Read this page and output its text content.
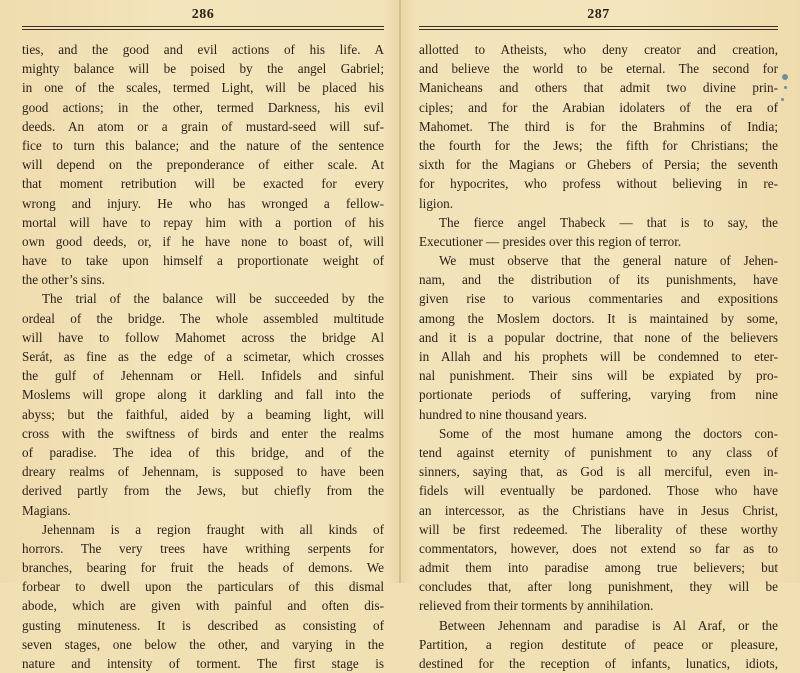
286
ties, and the good and evil actions of his life. A
mighty balance will be poised by the angel Gabriel;
in one of the scales, termed Light, will be placed his
good actions; in the other, termed Darkness, his evil
deeds. An atom or a grain of mustard-seed will suf-
fice to turn this balance; and the nature of the sentence
will depend on the preponderance of either scale. At
that moment retribution will be exacted for every
wrong and injury. He who has wronged a fellow-
mortal will have to repay him with a portion of his
own good deeds, or, if he have none to boast of, will
have to take upon himself a proportionate weight of
the other’s sins.
The trial of the balance will be succeeded by the
ordeal of the bridge. The whole assembled multitude
will have to follow Mahomet across the bridge Al
Serát, as fine as the edge of a scimetar, which crosses
the gulf of Jehennam or Hell. Infidels and sinful
Moslems will grope along it darkling and fall into the
abyss; but the faithful, aided by a beaming light, will
cross with the swiftness of birds and enter the realms
of paradise. The idea of this bridge, and of the
dreary realms of Jehennam, is supposed to have been
derived partly from the Jews, but chiefly from the
Magians.
Jehennam is a region fraught with all kinds of
horrors. The very trees have writhing serpents for
branches, bearing for fruit the heads of demons. We
forbear to dwell upon the particulars of this dismal
abode, which are given with painful and often dis-
gusting minuteness. It is described as consisting of
seven stages, one below the other, and varying in the
nature and intensity of torment. The first stage is
287
allotted to Atheists, who deny creator and creation,
and believe the world to be eternal. The second for
Manicheans and others that admit two divine prin-
ciples; and for the Arabian idolaters of the era of
Mahomet. The third is for the Brahmins of India;
the fourth for the Jews; the fifth for Christians; the
sixth for the Magians or Ghebers of Persia; the seventh
for hypocrites, who profess without believing in re-
ligion.
The fierce angel Thabeck — that is to say, the
Executioner — presides over this region of terror.
We must observe that the general nature of Jehen-
nam, and the distribution of its punishments, have
given rise to various commentaries and expositions
among the Moslem doctors. It is maintained by some,
and it is a popular doctrine, that none of the believers
in Allah and his prophets will be condemned to eter-
nal punishment. Their sins will be expiated by pro-
portionate periods of suffering, varying from nine
hundred to nine thousand years.
Some of the most humane among the doctors con-
tend against eternity of punishment to any class of
sinners, saying that, as God is all merciful, even in-
fidels will eventually be pardoned. Those who have
an intercessor, as the Christians have in Jesus Christ,
will be first redeemed. The liberality of these worthy
commentators, however, does not extend so far as to
admit them into paradise among true believers; but
concludes that, after long punishment, they will be
relieved from their torments by annihilation.
Between Jehennam and paradise is Al Araf, or the
Partition, a region destitute of peace or pleasure,
destined for the reception of infants, lunatics, idiots,
